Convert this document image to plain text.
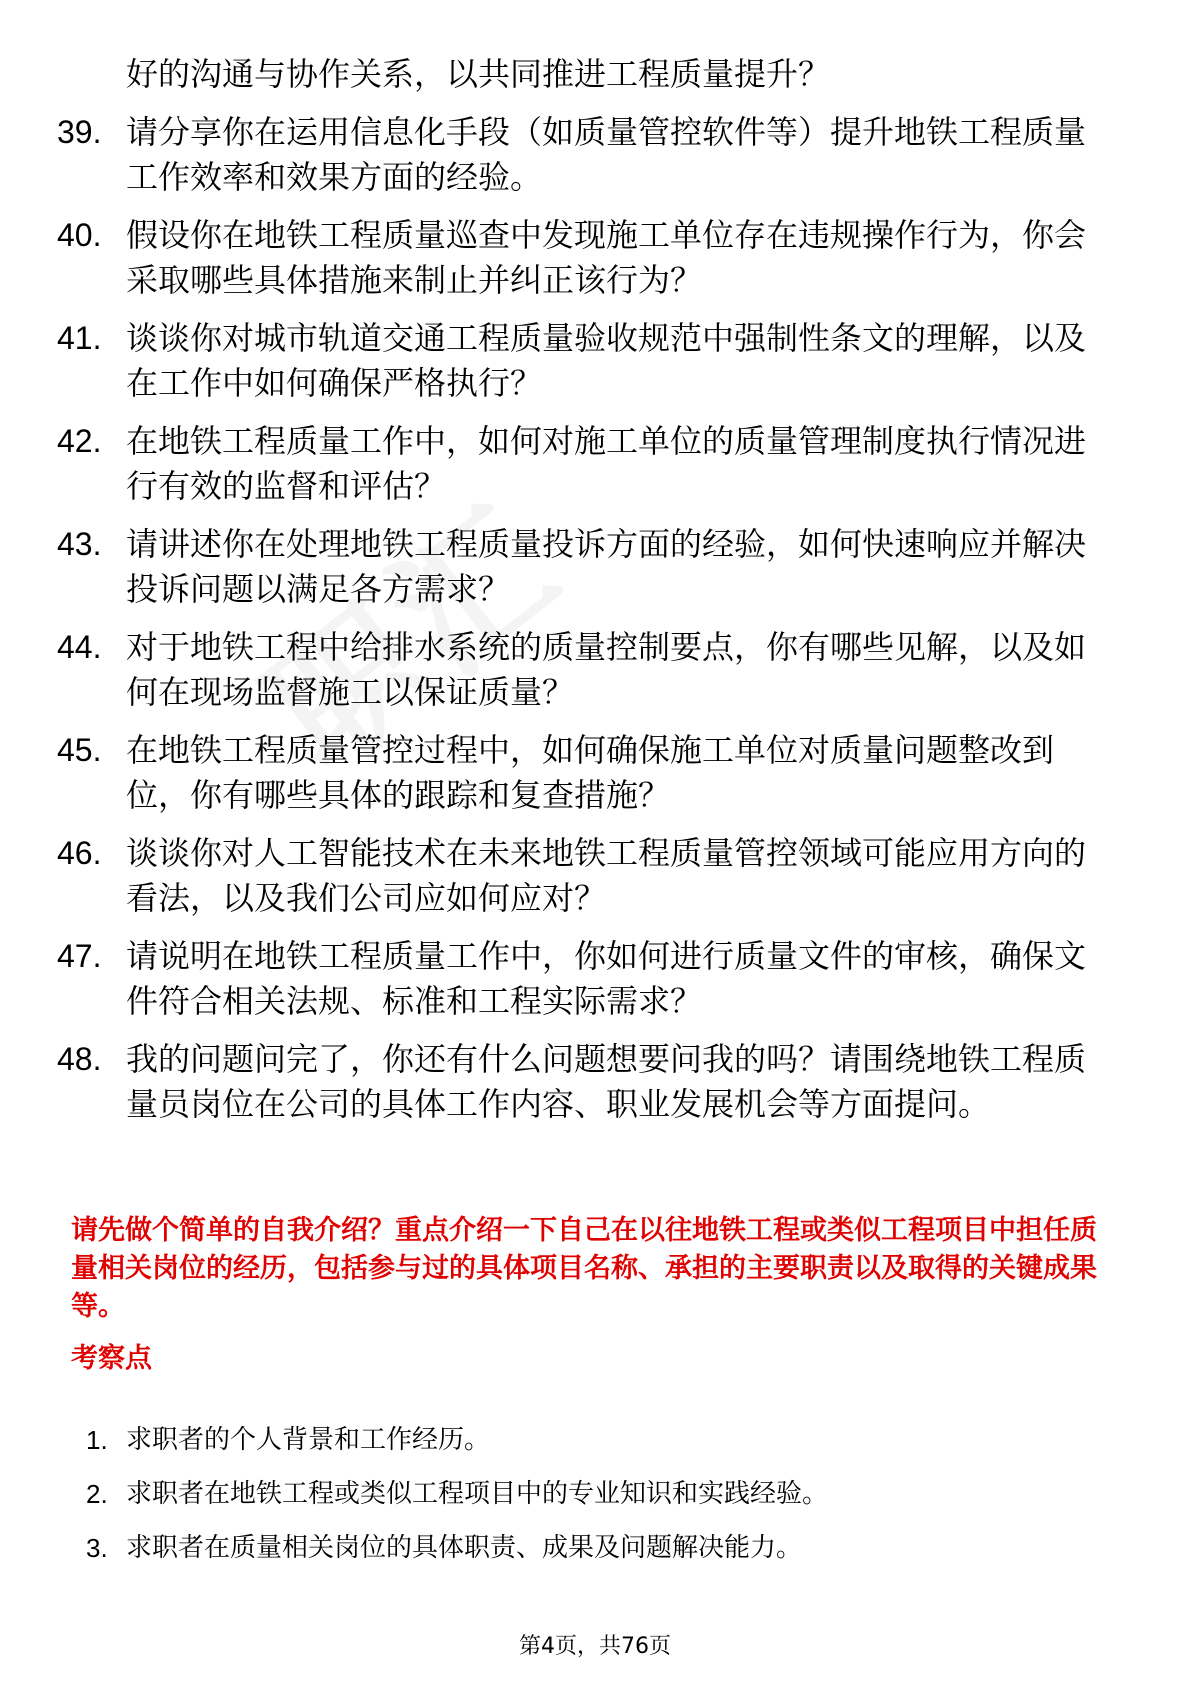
好的沟通与协作关系，以共同推进工程质量提升？
39. 请分享你在运用信息化手段（如质量管控软件等）提升地铁工程质量工作效率和效果方面的经验。
40. 假设你在地铁工程质量巡查中发现施工单位存在违规操作行为，你会采取哪些具体措施来制止并纠正该行为？
41. 谈谈你对城市轨道交通工程质量验收规范中强制性条文的理解，以及在工作中如何确保严格执行？
42. 在地铁工程质量工作中，如何对施工单位的质量管理制度执行情况进行有效的监督和评估？
43. 请讲述你在处理地铁工程质量投诉方面的经验，如何快速响应并解决投诉问题以满足各方需求？
44. 对于地铁工程中给排水系统的质量控制要点，你有哪些见解，以及如何在现场监督施工以保证质量？
45. 在地铁工程质量管控过程中，如何确保施工单位对质量问题整改到位，你有哪些具体的跟踪和复查措施？
46. 谈谈你对人工智能技术在未来地铁工程质量管控领域可能应用方向的看法，以及我们公司应如何应对？
47. 请说明在地铁工程质量工作中，你如何进行质量文件的审核，确保文件符合相关法规、标准和工程实际需求？
48. 我的问题问完了，你还有什么问题想要问我的吗？请围绕地铁工程质量员岗位在公司的具体工作内容、职业发展机会等方面提问。
请先做个简单的自我介绍？重点介绍一下自己在以往地铁工程或类似工程项目中担任质量相关岗位的经历，包括参与过的具体项目名称、承担的主要职责以及取得的关键成果等。
考察点
1. 求职者的个人背景和工作经历。
2. 求职者在地铁工程或类似工程项目中的专业知识和实践经验。
3. 求职者在质量相关岗位的具体职责、成果及问题解决能力。
第4页，共76页
